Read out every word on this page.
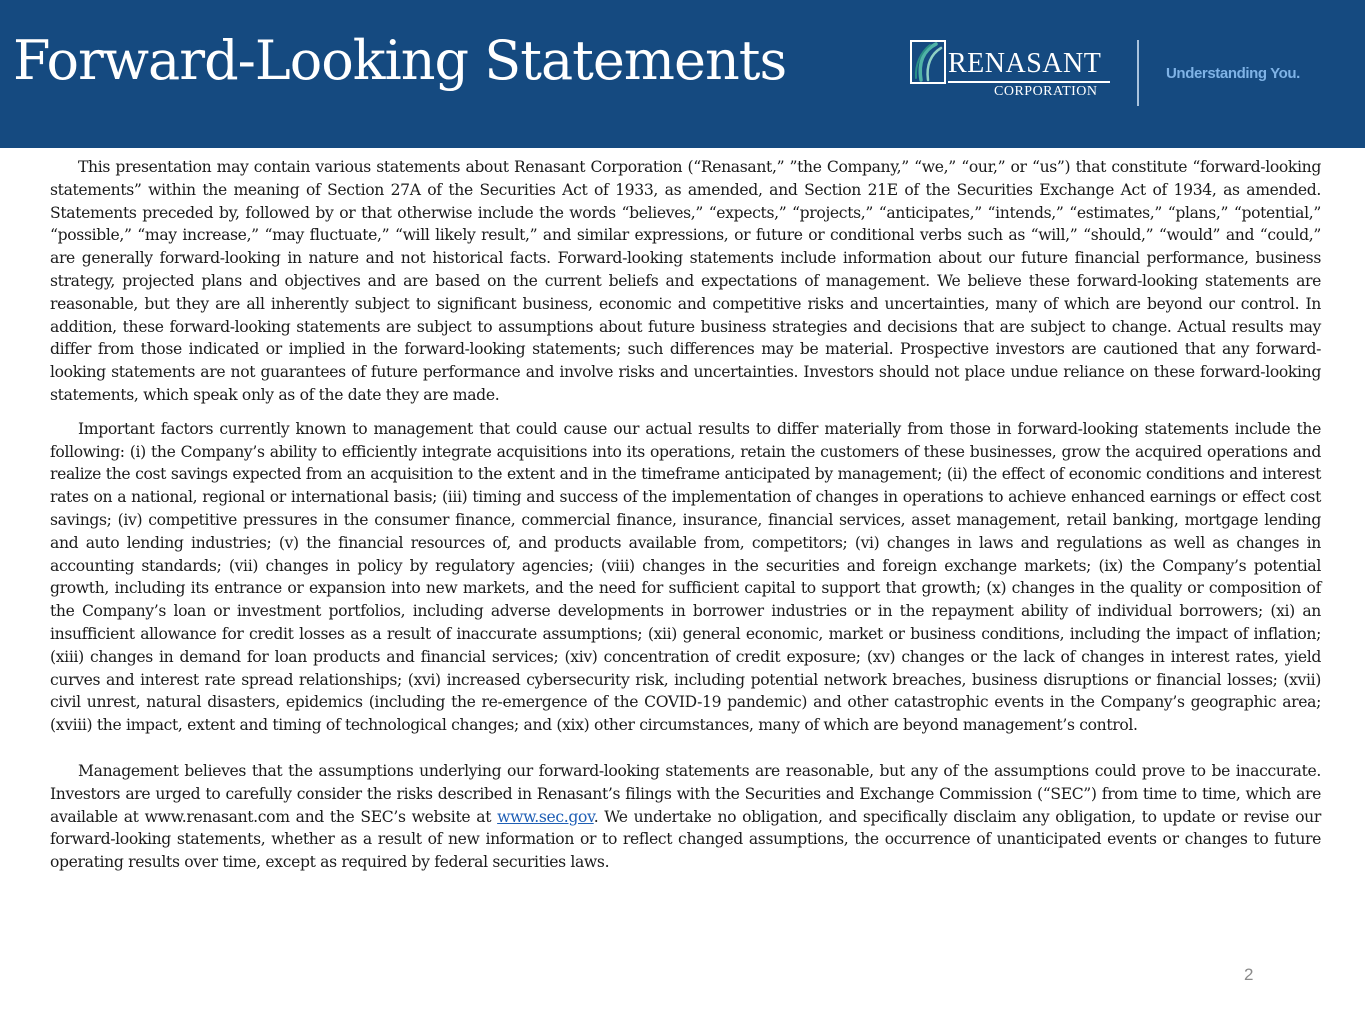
Forward-Looking Statements	RENASANT
CORPORATION
Understanding You.

This presentation may contain various statements about Renasant Corporation (“Renasant,” ”the Company,” “we,” “our,” or “us”) that constitute “forward-looking statements” within the meaning of Section 27A of the Securities Act of 1933, as amended, and Section 21E of the Securities Exchange Act of 1934, as amended. Statements preceded by, followed by or that otherwise include the words “believes,” “expects,” “projects,” “anticipates,” “intends,” “estimates,” “plans,” “potential,” “possible,” “may increase,” “may fluctuate,” “will likely result,” and similar expressions, or future or conditional verbs such as “will,” “should,” “would” and “could,” are generally forward-looking in nature and not historical facts. Forward-looking statements include information about our future financial performance, business strategy, projected plans and objectives and are based on the current beliefs and expectations of management. We believe these forward-looking statements are reasonable, but they are all inherently subject to significant business, economic and competitive risks and uncertainties, many of which are beyond our control. In addition, these forward-looking statements are subject to assumptions about future business strategies and decisions that are subject to change. Actual results may differ from those indicated or implied in the forward-looking statements; such differences may be material. Prospective investors are cautioned that any forward-looking statements are not guarantees of future performance and involve risks and uncertainties. Investors should not place undue reliance on these forward-looking statements, which speak only as of the date they are made.

Important factors currently known to management that could cause our actual results to differ materially from those in forward-looking statements include the following: (i) the Company’s ability to efficiently integrate acquisitions into its operations, retain the customers of these businesses, grow the acquired operations and realize the cost savings expected from an acquisition to the extent and in the timeframe anticipated by management; (ii) the effect of economic conditions and interest rates on a national, regional or international basis; (iii) timing and success of the implementation of changes in operations to achieve enhanced earnings or effect cost savings; (iv) competitive pressures in the consumer finance, commercial finance, insurance, financial services, asset management, retail banking, mortgage lending and auto lending industries; (v) the financial resources of, and products available from, competitors; (vi) changes in laws and regulations as well as changes in accounting standards; (vii) changes in policy by regulatory agencies; (viii) changes in the securities and foreign exchange markets; (ix) the Company’s potential growth, including its entrance or expansion into new markets, and the need for sufficient capital to support that growth; (x) changes in the quality or composition of the Company’s loan or investment portfolios, including adverse developments in borrower industries or in the repayment ability of individual borrowers; (xi) an insufficient allowance for credit losses as a result of inaccurate assumptions; (xii) general economic, market or business conditions, including the impact of inflation; (xiii) changes in demand for loan products and financial services; (xiv) concentration of credit exposure; (xv) changes or the lack of changes in interest rates, yield curves and interest rate spread relationships; (xvi) increased cybersecurity risk, including potential network breaches, business disruptions or financial losses; (xvii) civil unrest, natural disasters, epidemics (including the re-emergence of the COVID-19 pandemic) and other catastrophic events in the Company’s geographic area; (xviii) the impact, extent and timing of technological changes; and (xix) other circumstances, many of which are beyond management’s control.

Management believes that the assumptions underlying our forward-looking statements are reasonable, but any of the assumptions could prove to be inaccurate. Investors are urged to carefully consider the risks described in Renasant’s filings with the Securities and Exchange Commission (“SEC”) from time to time, which are available at www.renasant.com and the SEC’s website at www.sec.gov. We undertake no obligation, and specifically disclaim any obligation, to update or revise our forward-looking statements, whether as a result of new information or to reflect changed assumptions, the occurrence of unanticipated events or changes to future operating results over time, except as required by federal securities laws.

2
